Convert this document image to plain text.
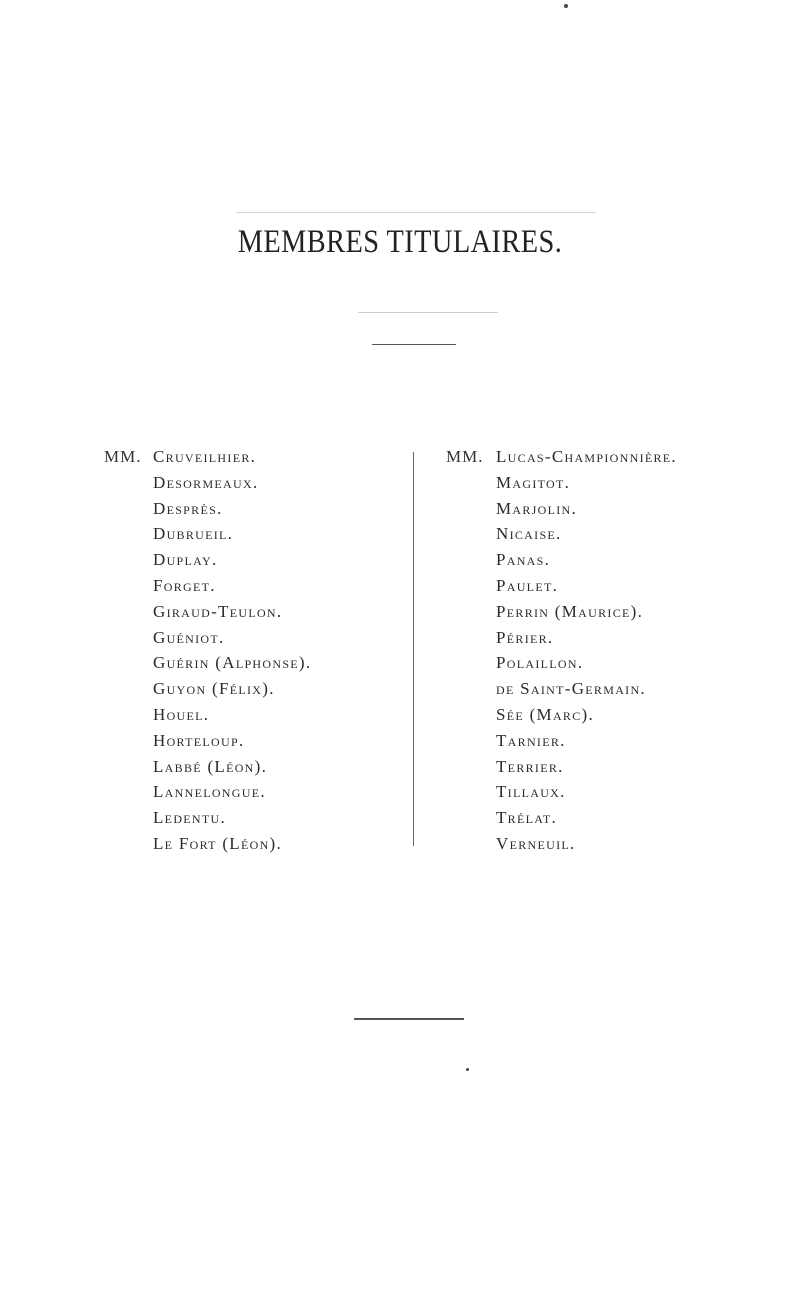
MEMBRES TITULAIRES.
MM. Cruveilhier.
Desormeaux.
Desprès.
Dubrueil.
Duplay.
Forget.
Giraud-Teulon.
Guéniot.
Guérin (Alphonse).
Guyon (Félix).
Houel.
Horteloup.
Labbé (Léon).
Lannelongue.
Ledentu.
Le Fort (Léon).
MM. Lucas-Championnière.
Magitot.
Marjolin.
Nicaise.
Panas.
Paulet.
Perrin (Maurice).
Périer.
Polaillon.
de Saint-Germain.
Sée (Marc).
Tarnier.
Terrier.
Tillaux.
Trélat.
Verneuil.
